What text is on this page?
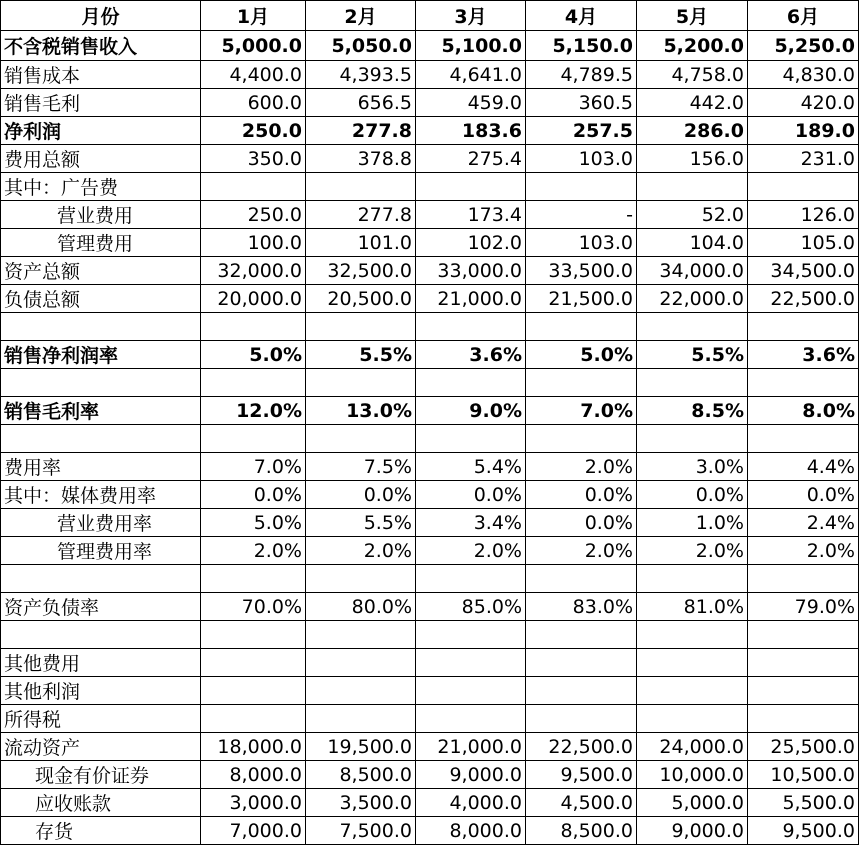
月份	1月	2月	3月	4月	5月	6月
不含税销售收入	5,000.0	5,050.0	5,100.0	5,150.0	5,200.0	5,250.0
销售成本	4,400.0	4,393.5	4,641.0	4,789.5	4,758.0	4,830.0
销售毛利	600.0	656.5	459.0	360.5	442.0	420.0
净利润	250.0	277.8	183.6	257.5	286.0	189.0
费用总额	350.0	378.8	275.4	103.0	156.0	231.0
其中：广告费						
营业费用	250.0	277.8	173.4	-	52.0	126.0
管理费用	100.0	101.0	102.0	103.0	104.0	105.0
资产总额	32,000.0	32,500.0	33,000.0	33,500.0	34,000.0	34,500.0
负债总额	20,000.0	20,500.0	21,000.0	21,500.0	22,000.0	22,500.0

销售净利润率	5.0%	5.5%	3.6%	5.0%	5.5%	3.6%

销售毛利率	12.0%	13.0%	9.0%	7.0%	8.5%	8.0%

费用率	7.0%	7.5%	5.4%	2.0%	3.0%	4.4%
其中：媒体费用率	0.0%	0.0%	0.0%	0.0%	0.0%	0.0%
营业费用率	5.0%	5.5%	3.4%	0.0%	1.0%	2.4%
管理费用率	2.0%	2.0%	2.0%	2.0%	2.0%	2.0%

资产负债率	70.0%	80.0%	85.0%	83.0%	81.0%	79.0%

其他费用						
其他利润						
所得税						
流动资产	18,000.0	19,500.0	21,000.0	22,500.0	24,000.0	25,500.0
现金有价证券	8,000.0	8,500.0	9,000.0	9,500.0	10,000.0	10,500.0
应收账款	3,000.0	3,500.0	4,000.0	4,500.0	5,000.0	5,500.0
存货	7,000.0	7,500.0	8,000.0	8,500.0	9,000.0	9,500.0
